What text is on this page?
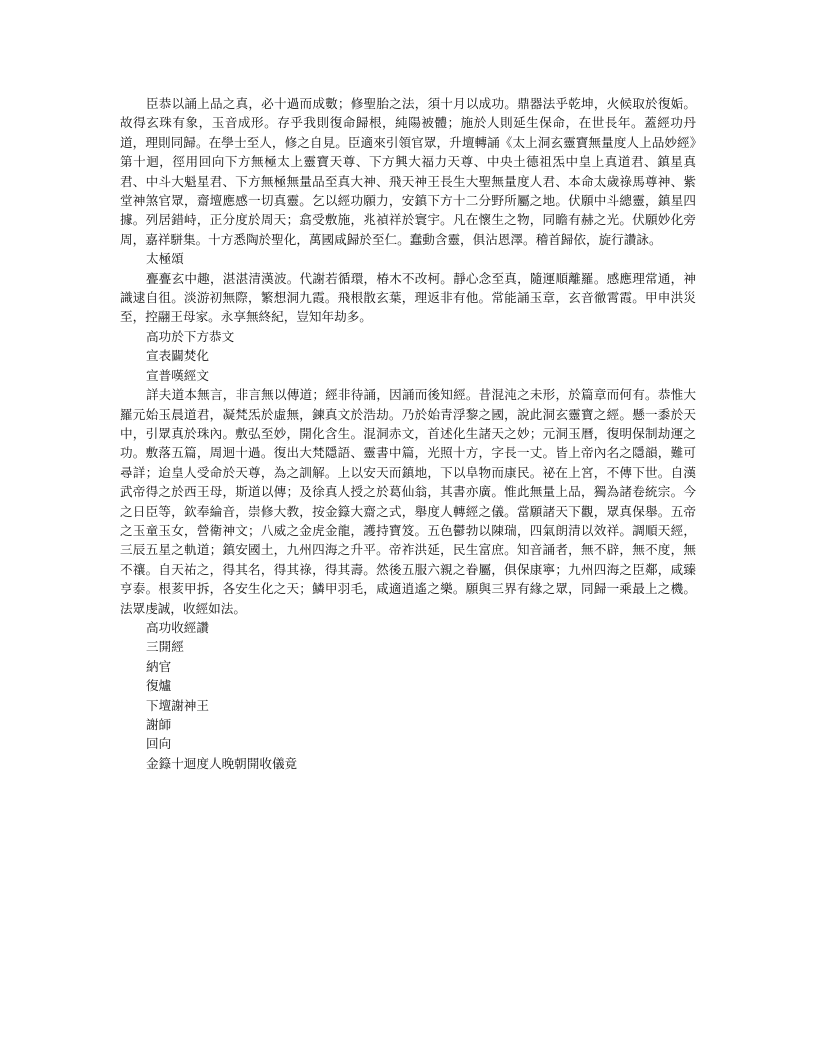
臣恭以誦上品之真，必十過而成數；修聖胎之法，須十月以成功。鼎器法乎乾坤，火候取於復姤。故得玄珠有象，玉音成形。存乎我則復命歸根，純陽被體；施於人則延生保命，在世長年。蓋經功丹道，理則同歸。在學士至人，修之自見。臣適來引領官眾，升壇轉誦《太上洞玄靈寶無量度人上品妙經》第十迴，徑用回向下方無極太上靈寶天尊、下方興大福力天尊、中央土德祖炁中皇上真道君、鎮星真君、中斗大魁星君、下方無極無量品至真大神、飛天神王長生大聖無量度人君、本命太歲祿馬尊神、紫堂神煞官眾，齋壇應感一切真靈。乞以經功願力，安鎮下方十二分野所屬之地。伏願中斗總靈，鎮星四據。列居錯峙，正分度於周天；翕受敷施，兆禎祥於寰宇。凡在懷生之物，同瞻有赫之光。伏願妙化旁周，嘉祥駢集。十方悉陶於聖化，萬國咸歸於至仁。蠢動含靈，俱沾恩澤。稽首歸依，旋行讚詠。

太極頌

亹亹玄中趣，湛湛清漢波。代謝若循環，椿木不改柯。靜心念至真，隨運順離羅。感應理常通，神識逮自徂。淡游初無際，繁想洞九霞。飛根散玄葉，理返非有他。常能誦玉章，玄音徹霄霞。甲申洪災至，控翮王母家。永享無終紀，豈知年劫多。

高功於下方恭文

宣表闢焚化

宣普嘆經文

詳夫道本無言，非言無以傳道；經非待誦，因誦而後知經。昔混沌之未形，於篇章而何有。恭惟大羅元始玉晨道君，凝梵炁於虛無，鍊真文於浩劫。乃於始青浮黎之國，說此洞玄靈寶之經。懸一黍於天中，引眾真於珠內。敷弘至妙，開化含生。混洞赤文，首述化生諸天之妙；元洞玉曆，復明保制劫運之功。敷落五篇，周迴十過。復出大梵隱語、靈書中篇，光照十方，字長一丈。皆上帝內名之隱韻，難可尋詳；迨皇人受命於天尊，為之訓解。上以安天而鎮地，下以阜物而康民。祕在上宮，不傳下世。自漢武帝得之於西王母，斯道以傳；及徐真人授之於葛仙翁，其書亦廣。惟此無量上品，獨為諸卷統宗。今之日臣等，欽奉綸音，崇修大教，按金籙大齋之式，舉度人轉經之儀。當願諸天下觀，眾真保舉。五帝之玉童玉女，營衛神文；八威之金虎金龍，護持寶笈。五色鬱勃以陳瑞，四氣朗清以效祥。調順天經，三辰五星之軌道；鎮安國土，九州四海之升平。帝祚洪延，民生富庶。知音誦者，無不辟，無不度，無不禳。自天祐之，得其名，得其祿，得其壽。然後五服六親之眷屬，俱保康寧；九州四海之臣鄰，咸臻亨泰。根荄甲拆，各安生化之天；鱗甲羽毛，咸適逍遙之樂。願與三界有緣之眾，同歸一乘最上之機。法眾虔誠，收經如法。

高功收經讚

三開經

納官

復爐

下壇謝神王

謝師

回向

金籙十迴度人晚朝開收儀竟
